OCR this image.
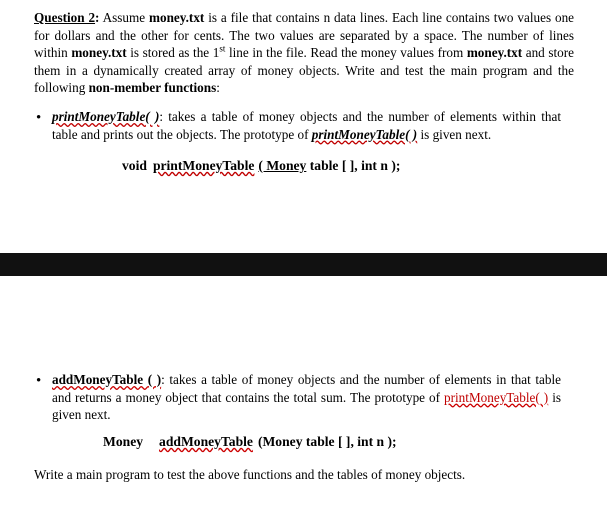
Question 2: Assume money.txt is a file that contains n data lines. Each line contains two values one for dollars and the other for cents. The two values are separated by a space. The number of lines within money.txt is stored as the 1st line in the file. Read the money values from money.txt and store them in a dynamically created array of money objects. Write and test the main program and the following non-member functions:
• printMoneyTable( ): takes a table of money objects and the number of elements within that table and prints out the objects. The prototype of printMoneyTable( ) is given next.
void printMoneyTable ( Money table [ ], int n );
• addMoneyTable ( ): takes a table of money objects and the number of elements in that table and returns a money object that contains the total sum. The prototype of printMoneyTable( ) is given next.
Money addMoneyTable (Money table [ ], int n );
Write a main program to test the above functions and the tables of money objects.
